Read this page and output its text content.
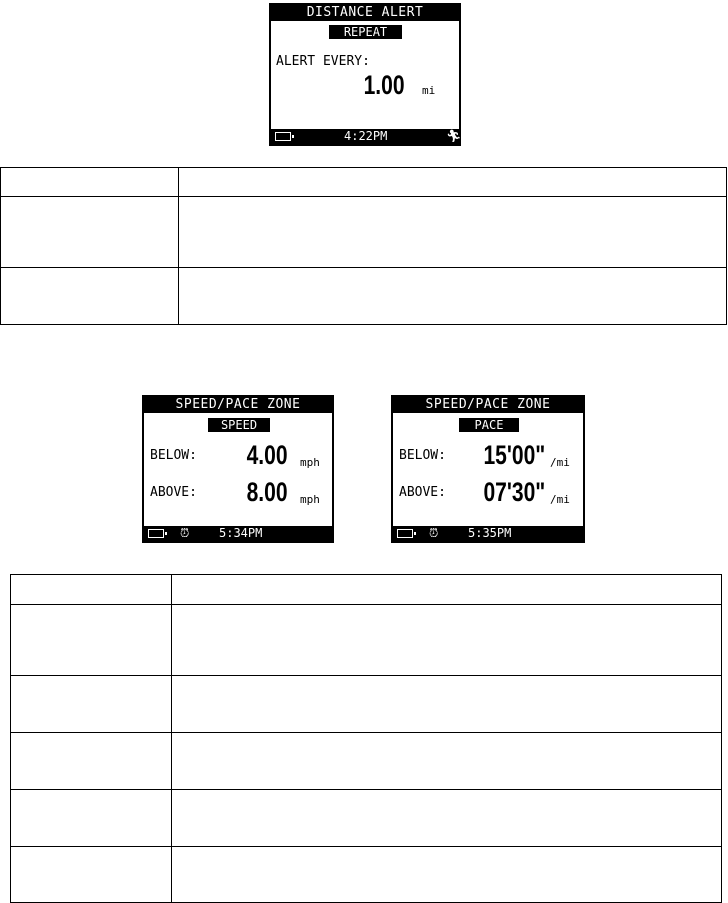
DISTANCE ALERT
REPEAT
ALERT EVERY:
1.00 mi
4:22PM	🏃︎

SPEED/PACE ZONE
SPEED
BELOW: 4.00 mph
ABOVE: 8.00 mph
⏰︎ 5:34PM
SPEED/PACE ZONE
PACE
BELOW: 15'00" /mi
ABOVE: 07'30" /mi
⏰︎ 5:35PM
